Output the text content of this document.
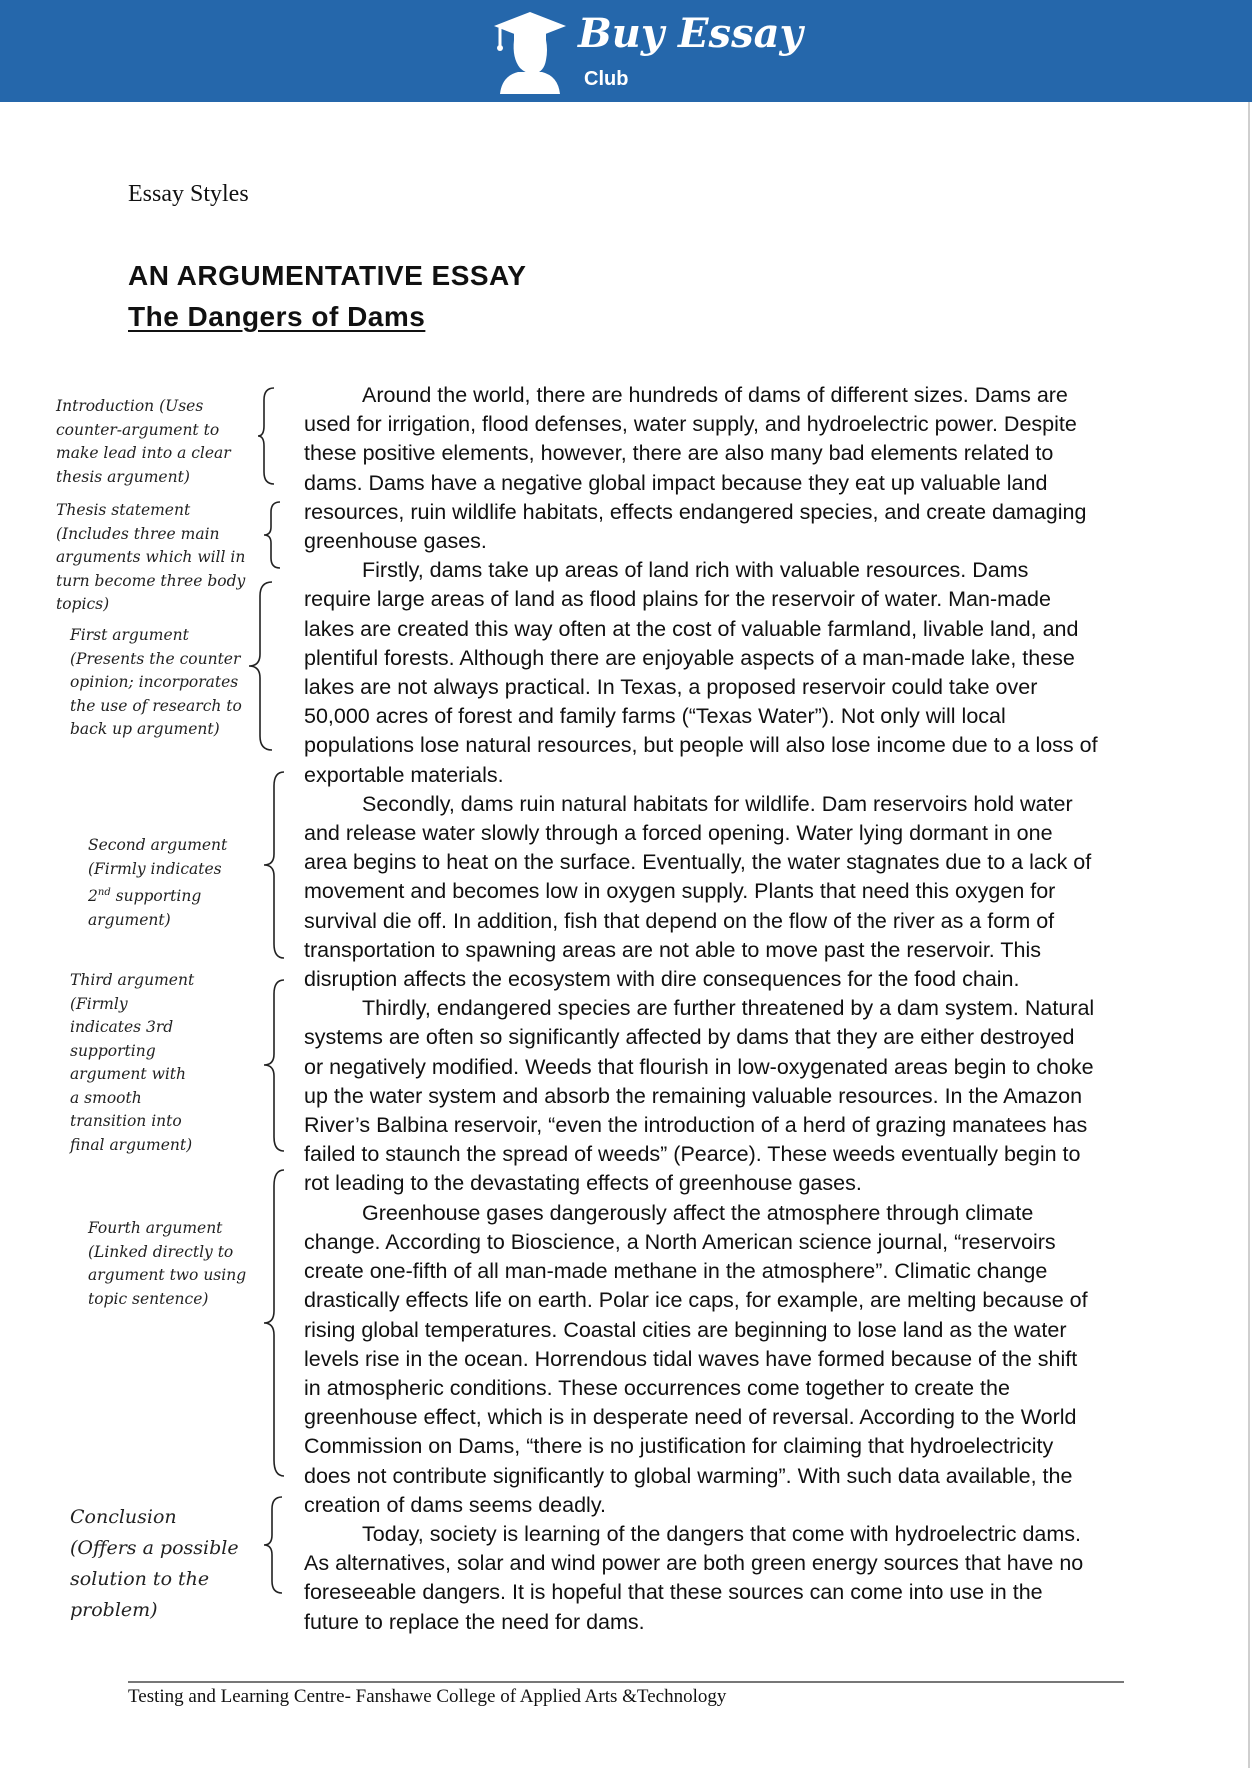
Buy Essay
Club
Essay Styles
AN ARGUMENTATIVE ESSAY
The Dangers of Dams
Introduction (Uses counter-argument to make lead into a clear thesis argument)
Thesis statement (Includes three main arguments which will in turn become three body topics)
First argument (Presents the counter opinion; incorporates the use of research to back up argument)
Second argument (Firmly indicates 2nd supporting argument)
Third argument (Firmly indicates 3rd supporting argument with a smooth transition into final argument)
Fourth argument (Linked directly to argument two using topic sentence)
Conclusion (Offers a possible solution to the problem)

Around the world, there are hundreds of dams of different sizes. Dams are used for irrigation, flood defenses, water supply, and hydroelectric power. Despite these positive elements, however, there are also many bad elements related to dams. Dams have a negative global impact because they eat up valuable land resources, ruin wildlife habitats, effects endangered species, and create damaging greenhouse gases.

Firstly, dams take up areas of land rich with valuable resources. Dams require large areas of land as flood plains for the reservoir of water. Man-made lakes are created this way often at the cost of valuable farmland, livable land, and plentiful forests. Although there are enjoyable aspects of a man-made lake, these lakes are not always practical. In Texas, a proposed reservoir could take over 50,000 acres of forest and family farms (“Texas Water”). Not only will local populations lose natural resources, but people will also lose income due to a loss of exportable materials.

Secondly, dams ruin natural habitats for wildlife. Dam reservoirs hold water and release water slowly through a forced opening. Water lying dormant in one area begins to heat on the surface. Eventually, the water stagnates due to a lack of movement and becomes low in oxygen supply. Plants that need this oxygen for survival die off. In addition, fish that depend on the flow of the river as a form of transportation to spawning areas are not able to move past the reservoir. This disruption affects the ecosystem with dire consequences for the food chain.

Thirdly, endangered species are further threatened by a dam system. Natural systems are often so significantly affected by dams that they are either destroyed or negatively modified. Weeds that flourish in low-oxygenated areas begin to choke up the water system and absorb the remaining valuable resources. In the Amazon River’s Balbina reservoir, “even the introduction of a herd of grazing manatees has failed to staunch the spread of weeds” (Pearce). These weeds eventually begin to rot leading to the devastating effects of greenhouse gases.

Greenhouse gases dangerously affect the atmosphere through climate change. According to Bioscience, a North American science journal, “reservoirs create one-fifth of all man-made methane in the atmosphere”. Climatic change drastically effects life on earth. Polar ice caps, for example, are melting because of rising global temperatures. Coastal cities are beginning to lose land as the water levels rise in the ocean. Horrendous tidal waves have formed because of the shift in atmospheric conditions. These occurrences come together to create the greenhouse effect, which is in desperate need of reversal. According to the World Commission on Dams, “there is no justification for claiming that hydroelectricity does not contribute significantly to global warming”. With such data available, the creation of dams seems deadly.

Today, society is learning of the dangers that come with hydroelectric dams. As alternatives, solar and wind power are both green energy sources that have no foreseeable dangers. It is hopeful that these sources can come into use in the future to replace the need for dams.

Testing and Learning Centre- Fanshawe College of Applied Arts &Technology
